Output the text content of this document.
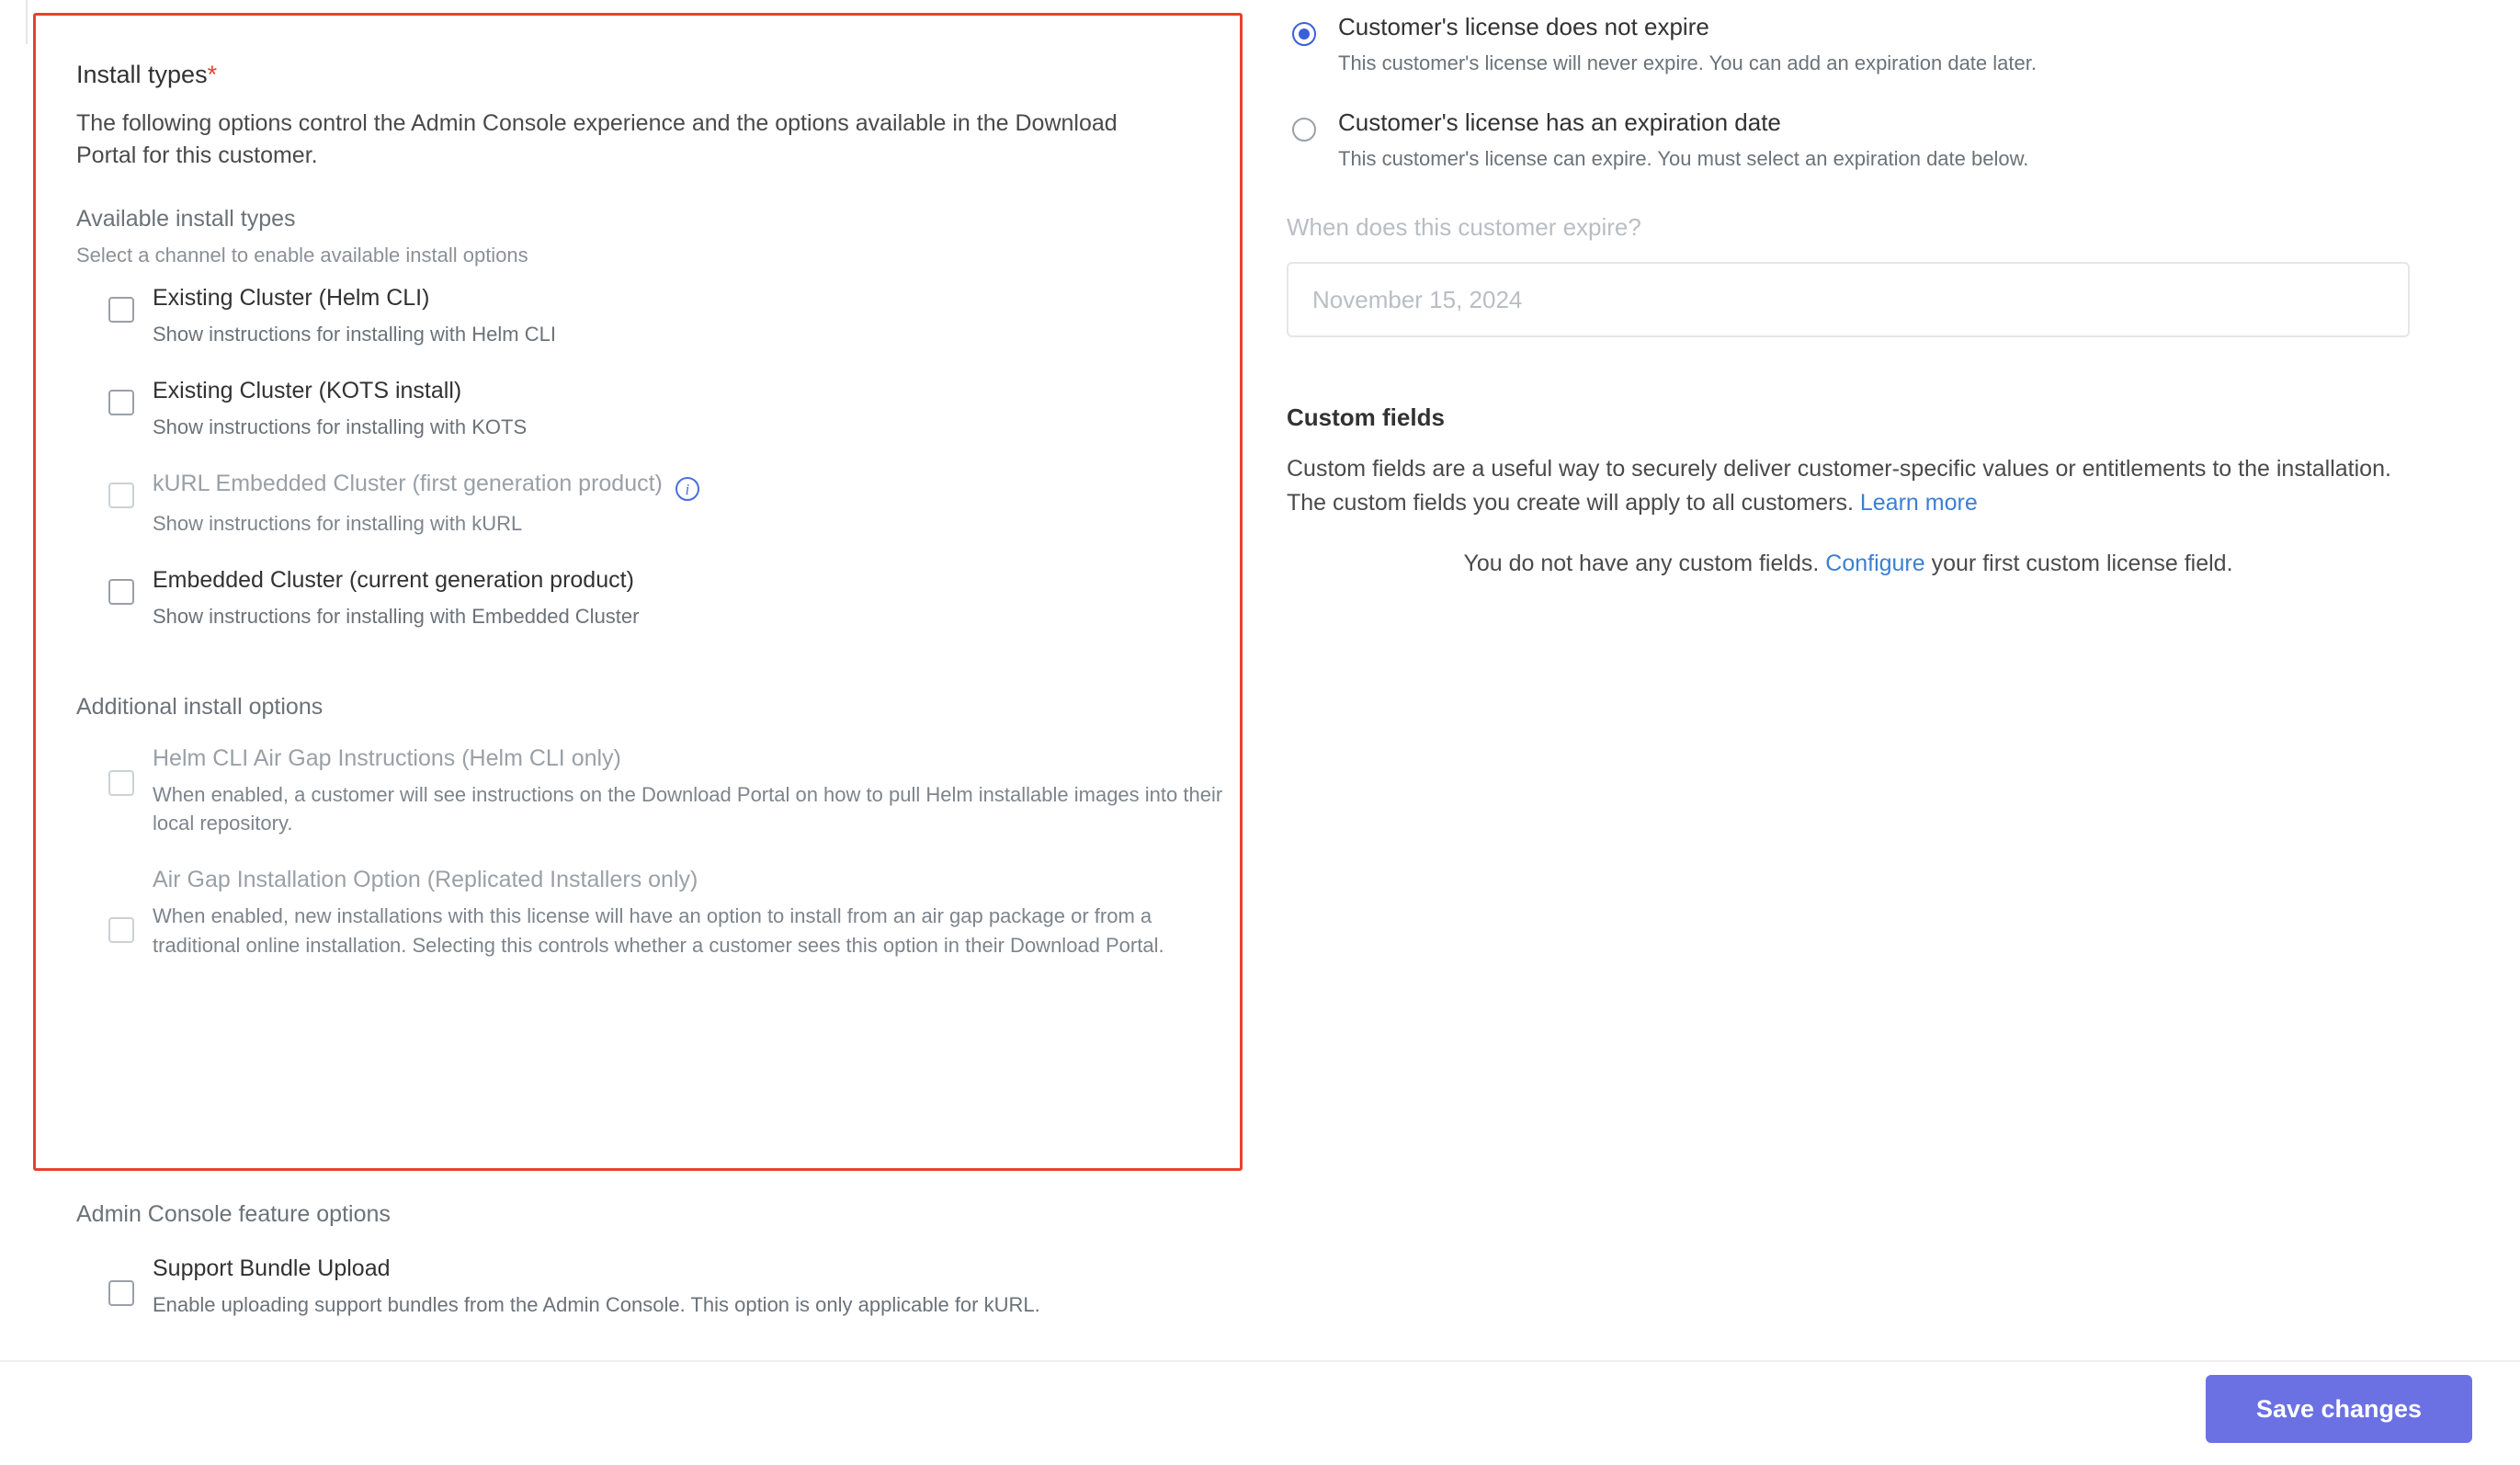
Install types*
The following options control the Admin Console experience and the options available in the Download Portal for this customer.
Available install types
Select a channel to enable available install options
Existing Cluster (Helm CLI)
Show instructions for installing with Helm CLI
Existing Cluster (KOTS install)
Show instructions for installing with KOTS
kURL Embedded Cluster (first generation product) i
Show instructions for installing with kURL
Embedded Cluster (current generation product)
Show instructions for installing with Embedded Cluster
Additional install options
Helm CLI Air Gap Instructions (Helm CLI only)
When enabled, a customer will see instructions on the Download Portal on how to pull Helm installable images into their local repository.
Air Gap Installation Option (Replicated Installers only)
When enabled, new installations with this license will have an option to install from an air gap package or from a traditional online installation. Selecting this controls whether a customer sees this option in their Download Portal.
Admin Console feature options
Support Bundle Upload
Enable uploading support bundles from the Admin Console. This option is only applicable for kURL.
Customer's license does not expire
This customer's license will never expire. You can add an expiration date later.
Customer's license has an expiration date
This customer's license can expire. You must select an expiration date below.
When does this customer expire?
November 15, 2024
Custom fields
Custom fields are a useful way to securely deliver customer-specific values or entitlements to the installation. The custom fields you create will apply to all customers. Learn more
You do not have any custom fields. Configure your first custom license field.
Save changes
